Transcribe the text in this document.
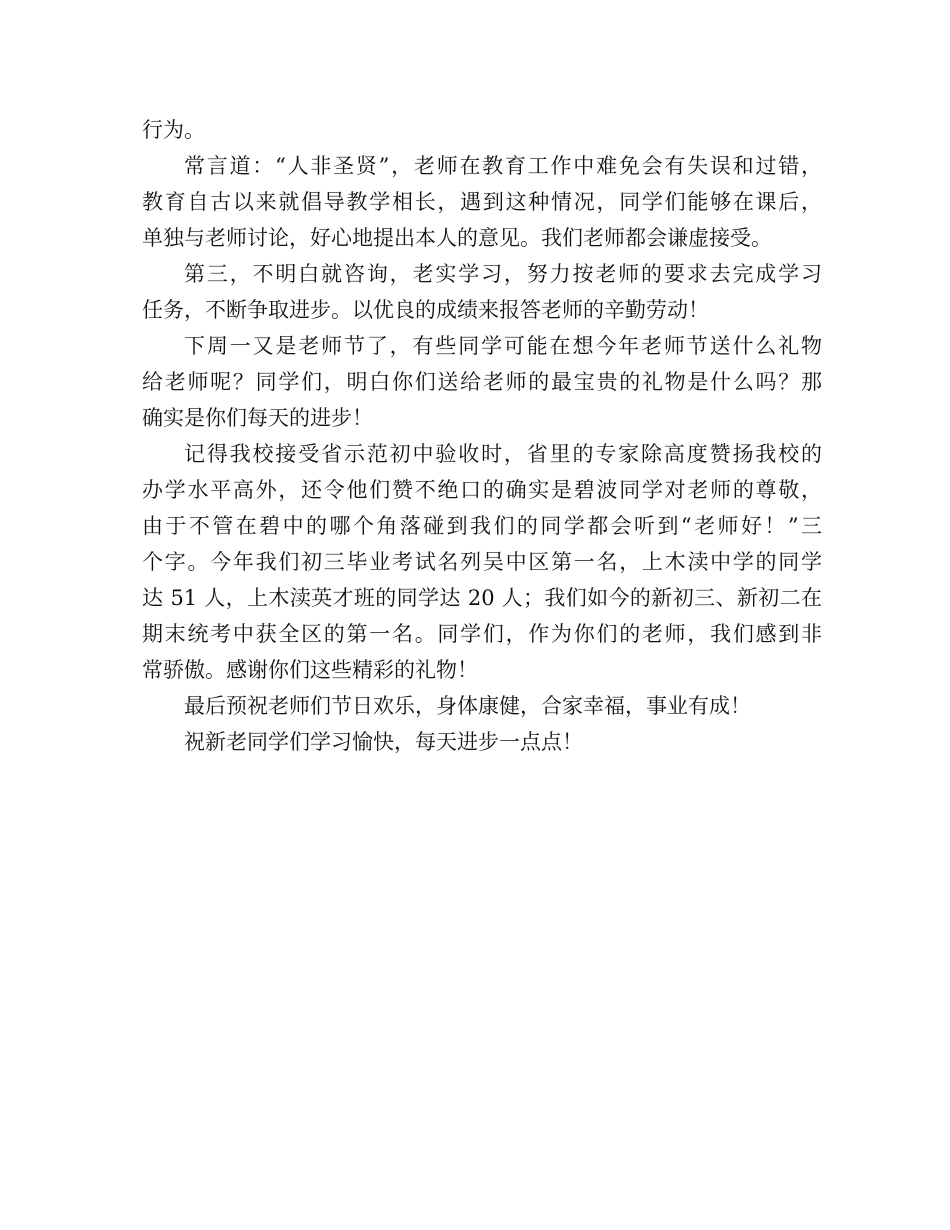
行为。
常言道：“人非圣贤”，老师在教育工作中难免会有失误和过错，
教育自古以来就倡导教学相长，遇到这种情况，同学们能够在课后，
单独与老师讨论，好心地提出本人的意见。我们老师都会谦虚接受。
第三，不明白就咨询，老实学习，努力按老师的要求去完成学习
任务，不断争取进步。以优良的成绩来报答老师的辛勤劳动！
下周一又是老师节了，有些同学可能在想今年老师节送什么礼物
给老师呢？同学们，明白你们送给老师的最宝贵的礼物是什么吗？那
确实是你们每天的进步！
记得我校接受省示范初中验收时，省里的专家除高度赞扬我校的
办学水平高外，还令他们赞不绝口的确实是碧波同学对老师的尊敬，
由于不管在碧中的哪个角落碰到我们的同学都会听到“老师好！”三
个字。今年我们初三毕业考试名列吴中区第一名，上木渎中学的同学
达 51 人，上木渎英才班的同学达 20 人；我们如今的新初三、新初二在
期末统考中获全区的第一名。同学们，作为你们的老师，我们感到非
常骄傲。感谢你们这些精彩的礼物！
最后预祝老师们节日欢乐，身体康健，合家幸福，事业有成！
祝新老同学们学习愉快，每天进步一点点！
